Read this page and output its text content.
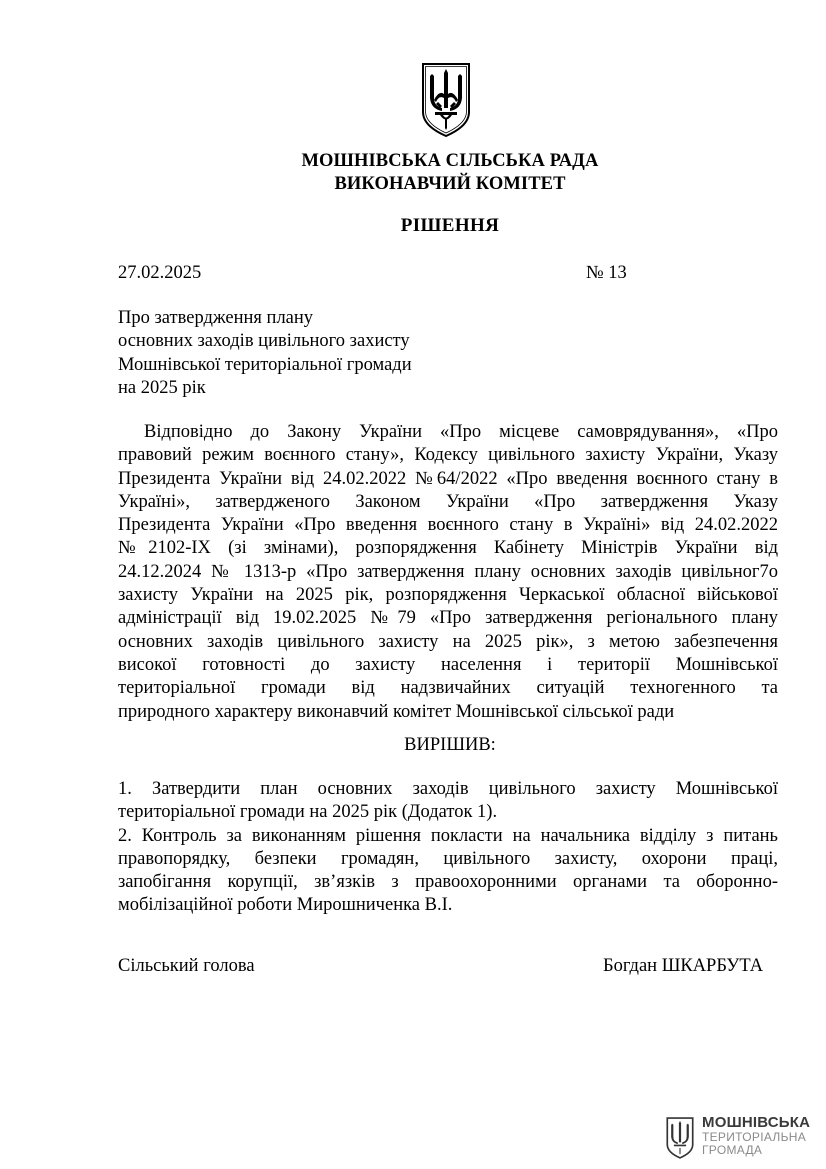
МОШНІВСЬКА СІЛЬСЬКА РАДА
ВИКОНАВЧИЙ КОМІТЕТ
РІШЕННЯ
27.02.2025	№ 13
Про затвердження плану
основних заходів цивільного захисту
Мошнівської територіальної громади
на 2025 рік
Відповідно до Закону України «Про місцеве самоврядування», «Про
правовий режим воєнного стану», Кодексу цивільного захисту України, Указу
Президента України від 24.02.2022 №64/2022 «Про введення воєнного стану в
Україні», затвердженого Законом України «Про затвердження Указу
Президента України «Про введення воєнного стану в Україні» від 24.02.2022
№2102-IX (зі змінами), розпорядження Кабінету Міністрів України від
24.12.2024 № 1313-р «Про затвердження плану основних заходів цивільног7о
захисту України на 2025 рік, розпорядження Черкаської обласної військової
адміністрації від 19.02.2025 №79 «Про затвердження регіонального плану
основних заходів цивільного захисту на 2025 рік», з метою забезпечення
високої готовності до захисту населення і території Мошнівської
територіальної громади від надзвичайних ситуацій техногенного та
природного характеру виконавчий комітет Мошнівської сільської ради
ВИРІШИВ:
1. Затвердити план основних заходів цивільного захисту Мошнівської
територіальної громади на 2025 рік (Додаток 1).
2. Контроль за виконанням рішення покласти на начальника відділу з питань
правопорядку, безпеки громадян, цивільного захисту, охорони праці,
запобігання корупції, зв’язків з правоохоронними органами та оборонно-
мобілізаційної роботи Мирошниченка В.І.
Сільський голова	Богдан ШКАРБУТА
МОШНІВСЬКА
ТЕРИТОРІАЛЬНА
ГРОМАДА
